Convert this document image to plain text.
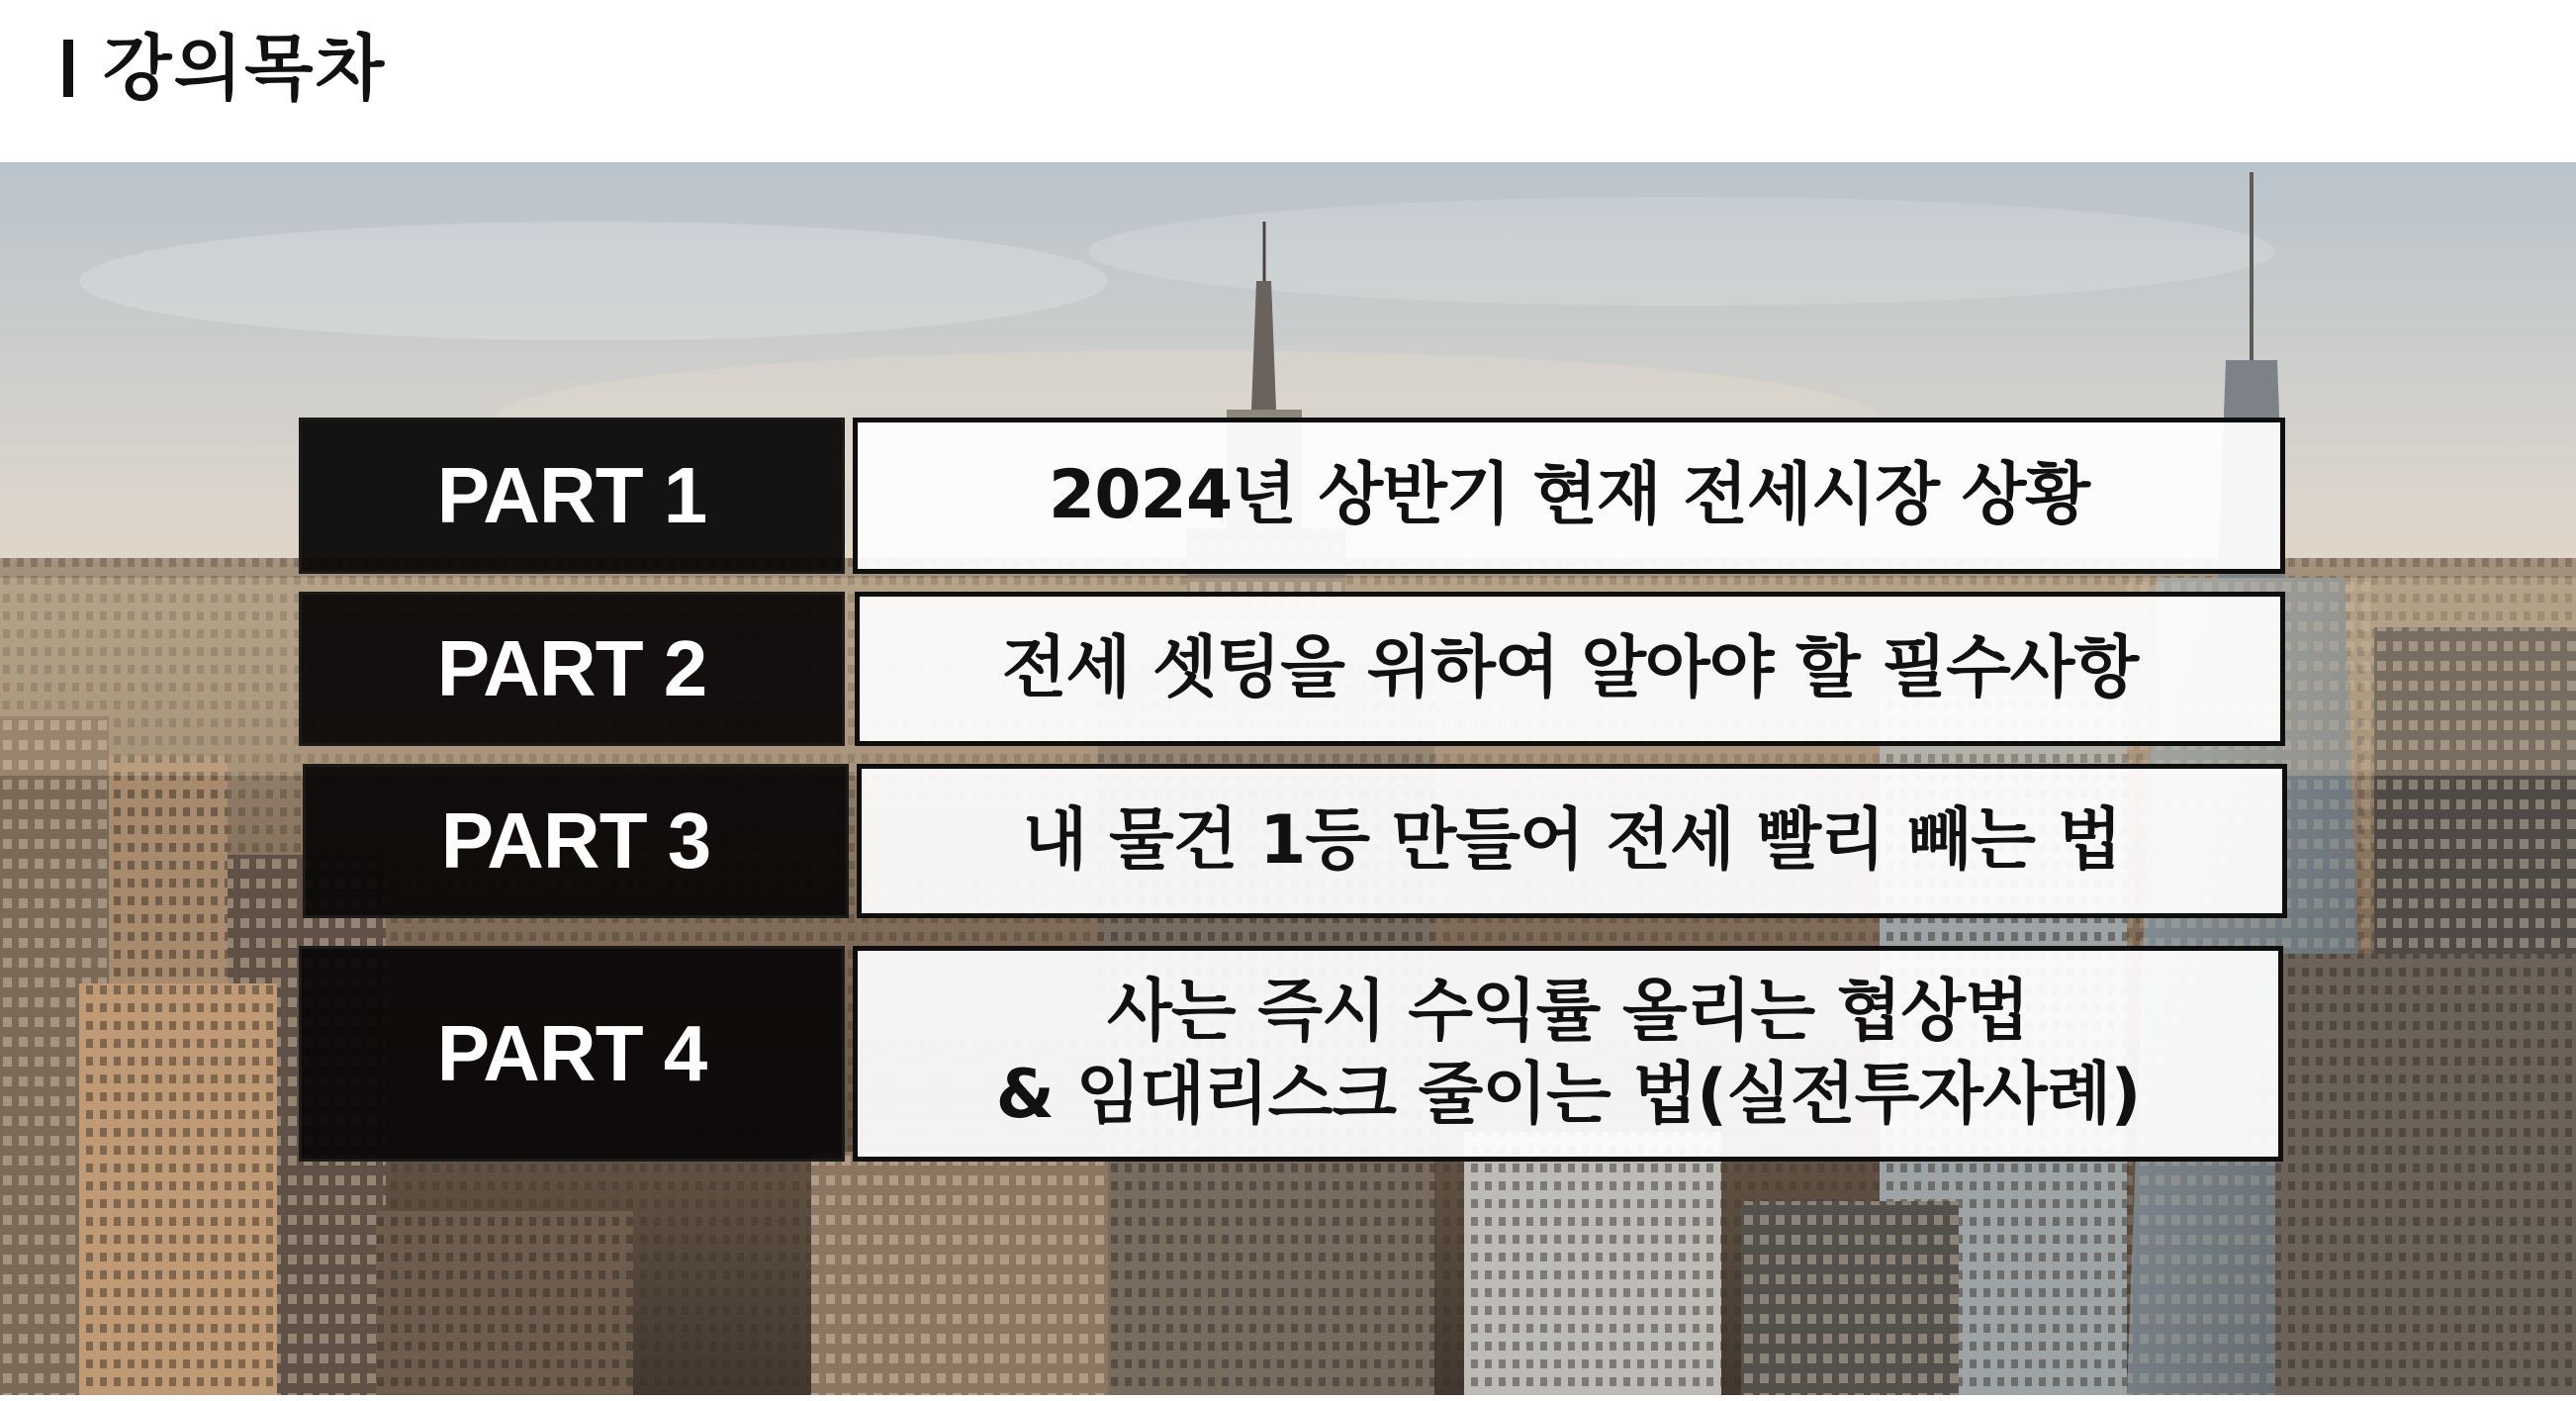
강의목차
PART 1	2024년 상반기 현재 전세시장 상황
PART 2	전세 셋팅을 위하여 알아야 할 필수사항
PART 3	내 물건 1등 만들어 전세 빨리 빼는 법
PART 4	사는 즉시 수익률 올리는 협상법
& 임대리스크 줄이는 법(실전투자사례)
